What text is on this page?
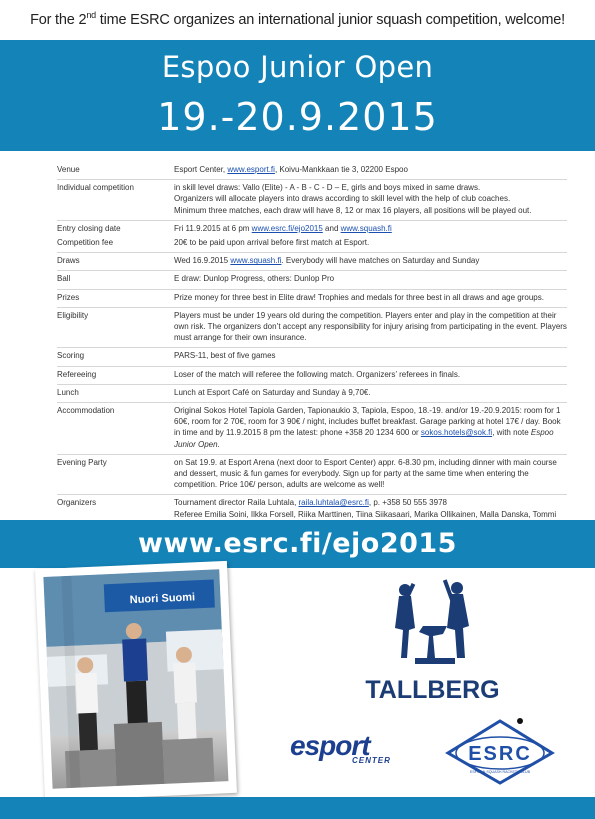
For the 2nd time ESRC organizes an international junior squash competition, welcome!
Espoo Junior Open
19.-20.9.2015
Venue	Esport Center, www.esport.fi, Koivu-Mankkaan tie 3, 02200 Espoo
Individual competition	in skill level draws: Vallo (Elite) - A - B - C - D – E, girls and boys mixed in same draws.
Organizers will allocate players into draws according to skill level with the help of club coaches.
Minimum three matches, each draw will have 8, 12 or max 16 players, all positions will be played out.
Entry closing date	Fri 11.9.2015 at 6 pm www.esrc.fi/ejo2015 and www.squash.fi
Competition fee	20€ to be paid upon arrival before first match at Esport.
Draws	Wed 16.9.2015 www.squash.fi. Everybody will have matches on Saturday and Sunday
Ball	E draw: Dunlop Progress, others: Dunlop Pro
Prizes	Prize money for three best in Elite draw! Trophies and medals for three best in all draws and age groups.
Eligibility	Players must be under 19 years old during the competition. Players enter and play in the competition at their own risk. The organizers don’t accept any responsibility for injury arising from participating in the event. Players must arrange for their own insurance.
Scoring	PARS-11, best of five games
Refereeing	Loser of the match will referee the following match. Organizers’ referees in finals.
Lunch	Lunch at Esport Café on Saturday and Sunday à 9,70€.
Accommodation	Original Sokos Hotel Tapiola Garden, Tapionaukio 3, Tapiola, Espoo, 18.-19. and/or 19.-20.9.2015: room for 1 60€, room for 2 70€, room for 3 90€ / night, includes buffet breakfast. Garage parking at hotel 17€ / day. Book in time and by 11.9.2015 8 pm the latest: phone +358 20 1234 600 or sokos.hotels@sok.fi, with note Espoo Junior Open.
Evening Party	on Sat 19.9. at Esport Arena (next door to Esport Center) appr. 6-8.30 pm, including dinner with main course and dessert, music & fun games for everybody. Sign up for party at the same time when entering the competition. Price 10€/ person, adults are welcome as well!
Organizers	Tournament director Raila Luhtala, raila.luhtala@esrc.fi, p. +358 50 555 3978
Referee Emilia Soini, Ilkka Forsell, Riika Marttinen, Tiina Siikasaari, Marika Ollikainen, Malla Danska, Tommi
www.esrc.fi/ejo2015
Nuori Suomi
TALLBERG
esport
CENTER	ESRC
ESPOON SQUASH RACKETS CLUB
